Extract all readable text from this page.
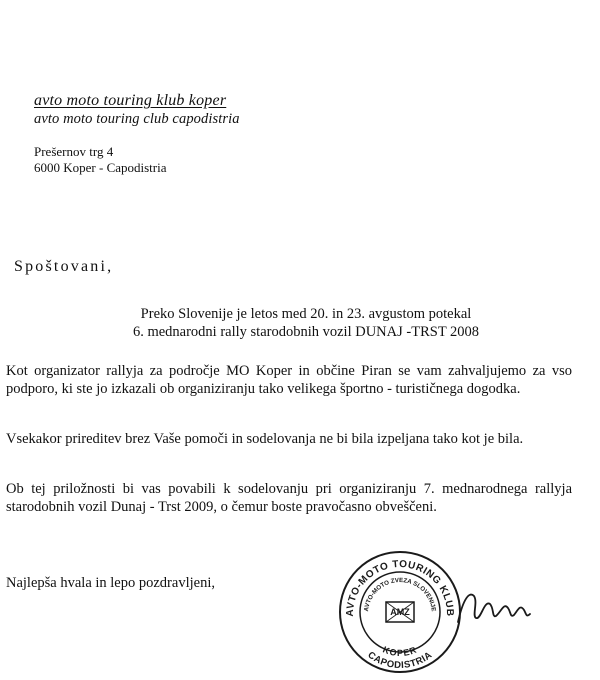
avto moto touring klub koper
avto moto touring club capodistria
Prešernov trg 4
6000 Koper - Capodistria
Spoštovani,
Preko Slovenije je letos med 20. in 23. avgustom potekal
6. mednarodni rally starodobnih vozil DUNAJ -TRST 2008
Kot organizator rallyja za področje MO Koper in občine Piran se vam zahvaljujemo za vso podporo, ki ste jo izkazali ob organiziranju tako velikega športno - turističnega dogodka.
Vsekakor prireditev brez Vaše pomoči in sodelovanja ne bi bila izpeljana tako kot je bila.
Ob tej priložnosti bi vas povabili k sodelovanju pri organiziranju 7. mednarodnega rallyja starodobnih vozil Dunaj - Trst 2009, o čemur boste pravočasno obveščeni.
Najlepša hvala in lepo pozdravljeni,
AVTO-MOTO TOURING KLUB
AVTO-MOTO ZVEZA SLOVENIJE
AMZ
KOPER
CAPODISTRIA
